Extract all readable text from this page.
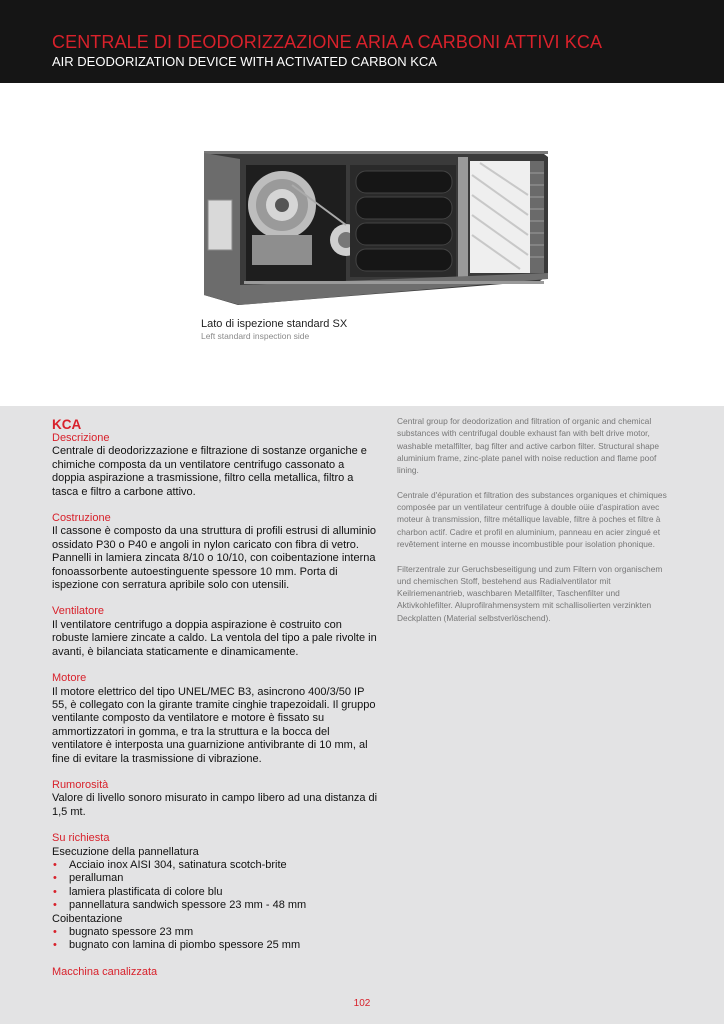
CENTRALE DI DEODORIZZAZIONE ARIA A CARBONI ATTIVI KCA
AIR DEODORIZATION DEVICE WITH ACTIVATED CARBON KCA
Lato di ispezione standard SX
Left standard inspection side
KCA
Descrizione

Centrale di deodorizzazione e filtrazione di sostanze organiche e chimiche composta da un ventilatore centrifugo cassonato a doppia aspirazione a trasmissione, filtro cella metallica, filtro a tasca e filtro a carbone attivo.

Costruzione

Il cassone è composto da una struttura di profili estrusi di alluminio ossidato P30 o P40 e angoli in nylon caricato con fibra di vetro. Pannelli in lamiera zincata 8/10 o 10/10, con coibentazione interna fonoassorbente autoestinguente spessore 10 mm. Porta di ispezione con serratura apribile solo con utensili.

Ventilatore

Il ventilatore centrifugo a doppia aspirazione è costruito con robuste lamiere zincate a caldo. La ventola del tipo a pale rivolte in avanti, è bilanciata staticamente e dinamicamente.

Motore

Il motore elettrico del tipo UNEL/MEC B3, asincrono 400/3/50 IP 55, è collegato con la girante tramite cinghie trapezoidali. Il gruppo ventilante composto da ventilatore e motore è fissato su ammortizzatori in gomma, e tra la struttura e la bocca del ventilatore è interposta una guarnizione antivibrante di 10 mm, al fine di evitare la trasmissione di vibrazione.

Rumorosità

Valore di livello sonoro misurato in campo libero ad una distanza di 1,5 mt.

Su richiesta
Esecuzione della pannellatura
• Acciaio inox AISI 304, satinatura scotch-brite
• peralluman
• lamiera plastificata di colore blu
• pannellatura sandwich spessore 23 mm - 48 mm
Coibentazione
• bugnato spessore 23 mm
• bugnato con lamina di piombo spessore 25 mm
Macchina canalizzata

Central group for deodorization and filtration of organic and chemical substances with centrifugal double exhaust fan with belt drive motor, washable metalfilter, bag filter and active carbon filter. Structural shape aluminium frame, zinc-plate panel with noise reduction and flame poof lining.

Centrale d'épuration et filtration des substances organiques et chimiques composée par un ventilateur centrifuge à double oüie d'aspiration avec moteur à transmission, filtre métallique lavable, filtre à poches et filtre à charbon actif. Cadre et profil en aluminium, panneau en acier zingué et revêtement interne en mousse incombustible pour isolation phonique.

Filterzentrale zur Geruchsbeseitigung und zum Filtern von organischem und chemischen Stoff, bestehend aus Radialventilator mit Keilriemenantrieb, waschbaren Metallfilter, Taschenfilter und Aktivkohlefilter. Aluprofilrahmensystem mit schallisolierten verzinkten Deckplatten (Material selbstverlöschend).

102
